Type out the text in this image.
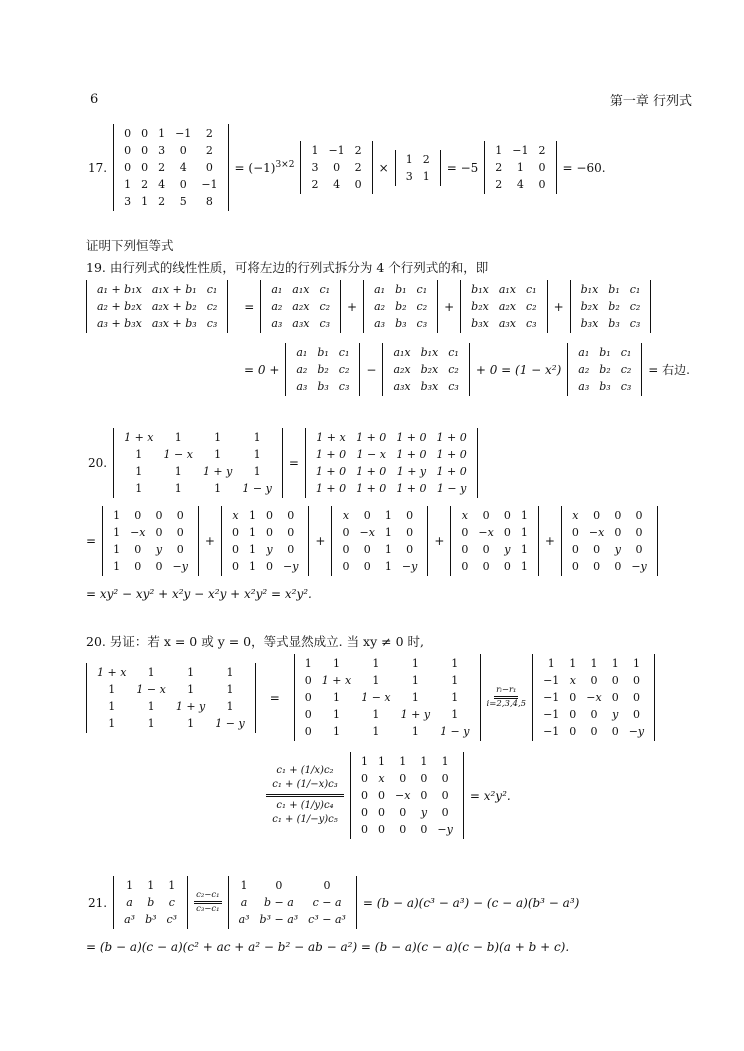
6	第一章 行列式
17.
0	0	1	−1	2
0	0	3	0	2
0	0	2	4	0
1	2	4	0	−1
3	1	2	5	8
= $(-1)^{3\times 2}$
1	−1	2
3	0	2
2	4	0
×
1	2
3	1
= −5
1	−1	2
2	1	0
2	4	0
= −60.
证明下列恒等式
19. 由行列式的线性性质，可将左边的行列式拆分为 4 个行列式的和，即
a₁ + b₁x	a₁x + b₁	c₁
a₂ + b₂x	a₂x + b₂	c₂
a₃ + b₃x	a₃x + b₃	c₃
=
a₁	a₁x	c₁
a₂	a₂x	c₂
a₃	a₃x	c₃
+
a₁	b₁	c₁
a₂	b₂	c₂
a₃	b₃	c₃
+
b₁x	a₁x	c₁
b₂x	a₂x	c₂
b₃x	a₃x	c₃
+
b₁x	b₁	c₁
b₂x	b₂	c₂
b₃x	b₃	c₃
= 0 +
a₁	b₁	c₁
a₂	b₂	c₂
a₃	b₃	c₃
−
a₁x	b₁x	c₁
a₂x	b₂x	c₂
a₃x	b₃x	c₃
+ 0 = (1 − x²)
a₁	b₁	c₁
a₂	b₂	c₂
a₃	b₃	c₃
= 右边.
20.
1 + x	1	1	1
1	1 − x	1	1
1	1	1 + y	1
1	1	1	1 − y
=
1 + x	1 + 0	1 + 0	1 + 0
1 + 0	1 − x	1 + 0	1 + 0
1 + 0	1 + 0	1 + y	1 + 0
1 + 0	1 + 0	1 + 0	1 − y
=
1	0	0	0
1	−x	0	0
1	0	y	0
1	0	0	−y
+
x	1	0	0
0	1	0	0
0	1	y	0
0	1	0	−y
+
x	0	1	0
0	−x	1	0
0	0	1	0
0	0	1	−y
+
x	0	0	1
0	−x	0	1
0	0	y	1
0	0	0	1
+
x	0	0	0
0	−x	0	0
0	0	y	0
0	0	0	−y
= xy² − xy² + x²y − x²y + x²y² = x²y².
20. 另证：若 x = 0 或 y = 0，等式显然成立. 当 xy ≠ 0 时,
1 + x	1	1	1
1	1 − x	1	1
1	1	1 + y	1
1	1	1	1 − y
=
1	1	1	1	1
0	1 + x	1	1	1
0	1	1 − x	1	1
0	1	1	1 + y	1
0	1	1	1	1 − y
$\frac{\text{rᵢ−r₁}}{i=2,3,4,5}$
1	1	1	1	1
−1	x	0	0	0
−1	0	−x	0	0
−1	0	0	y	0
−1	0	0	0	−y
c₁ + (1/x)c₂
c₁ + (1/−x)c₃
c₁ + (1/y)c₄
c₁ + (1/−y)c₅
1	1	1	1	1
0	x	0	0	0
0	0	−x	0	0
0	0	0	y	0
0	0	0	0	−y
= x²y².
21.
1	1	1
a	b	c
a³	b³	c³
$\frac{\text{c₂−c₁}}{\text{c₃−c₁}}$
1	0	0
a	b − a	c − a
a³	b³ − a³	c³ − a³
= (b − a)(c³ − a³) − (c − a)(b³ − a³)
= (b − a)(c − a)(c² + ac + a² − b² − ab − a²) = (b − a)(c − a)(c − b)(a + b + c).
